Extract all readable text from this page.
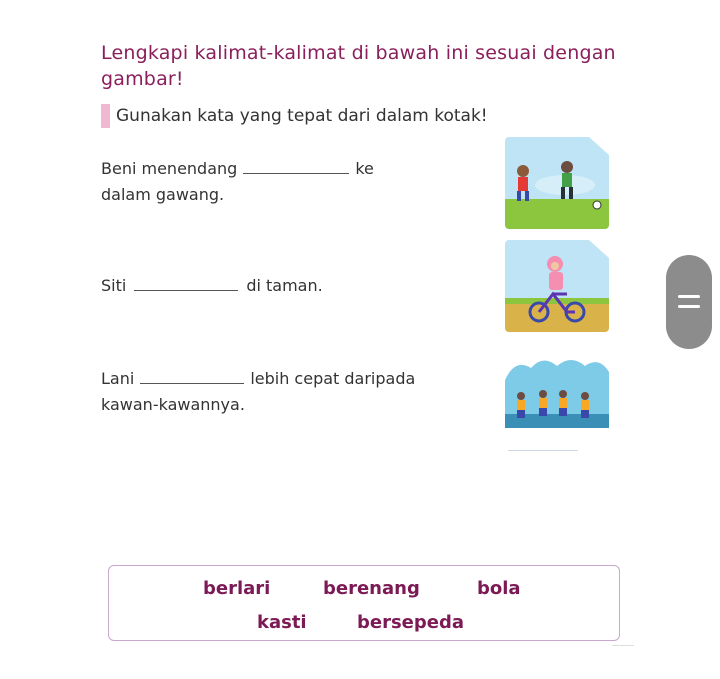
Lengkapi kalimat-kalimat di bawah ini sesuai dengan gambar!
Gunakan kata yang tepat dari dalam kotak!
Beni menendang	ke
dalam gawang.
Siti	di taman.
Lani	lebih cepat daripada
kawan-kawannya.
berlari	berenang	bola
kasti	bersepeda
